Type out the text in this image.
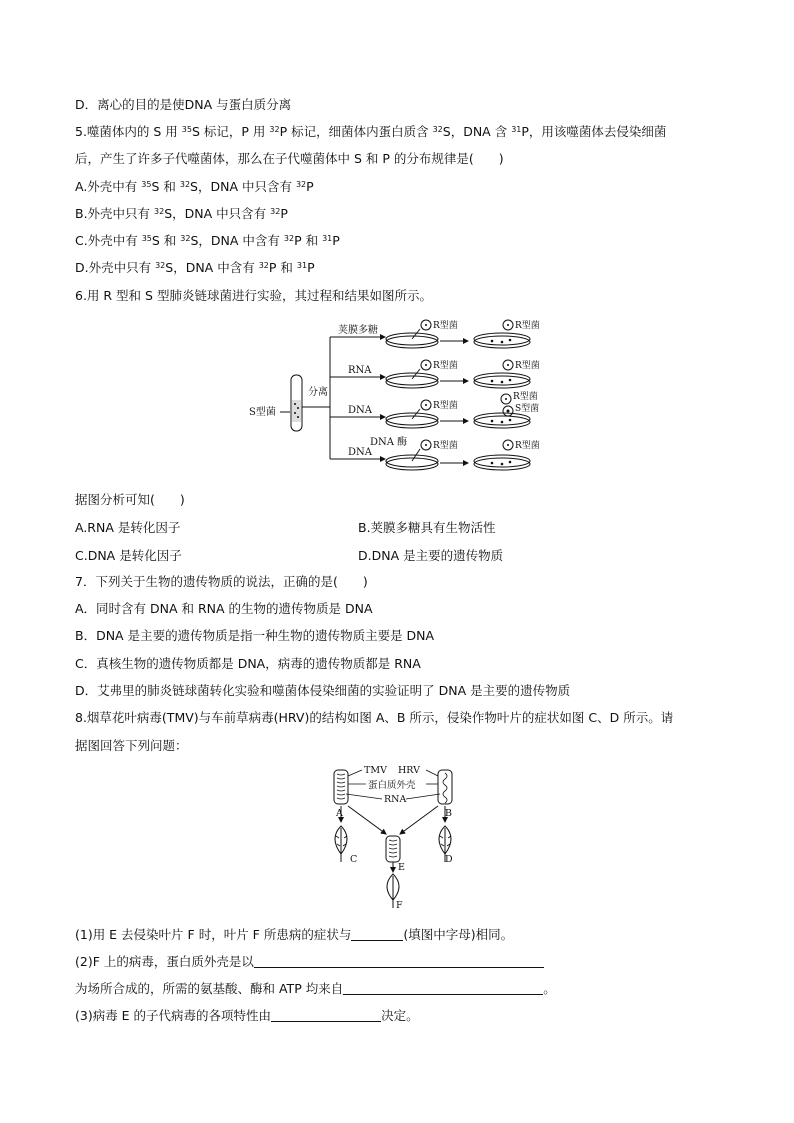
D．离心的目的是使DNA 与蛋白质分离
5.噬菌体内的 S 用 $^{35}$S 标记，P 用 $^{32}$P 标记，细菌体内蛋白质含 $^{32}$S，DNA 含 $^{31}$P，用该噬菌体去侵染细菌
后，产生了许多子代噬菌体，那么在子代噬菌体中 S 和 P 的分布规律是(　　)
A.外壳中有 $^{35}$S 和 $^{32}$S，DNA 中只含有 $^{32}$P
B.外壳中只有 $^{32}$S，DNA 中只含有 $^{32}$P
C.外壳中有 $^{35}$S 和 $^{32}$S，DNA 中含有 $^{32}$P 和 $^{31}$P
D.外壳中只有 $^{32}$S，DNA 中含有 $^{32}$P 和 $^{31}$P
6.用 R 型和 S 型肺炎链球菌进行实验，其过程和结果如图所示。
S型菌
分离
荚膜多糖
RNA
DNA
DNA
DNA 酶
R型菌
R型菌
R型菌
R型菌
R型菌
R型菌
R型菌
S型菌
R型菌
据图分析可知(　　)
A.RNA 是转化因子	B.荚膜多糖具有生物活性
C.DNA 是转化因子	D.DNA 是主要的遗传物质
7．下列关于生物的遗传物质的说法，正确的是(　　)
A．同时含有 DNA 和 RNA 的生物的遗传物质是 DNA
B．DNA 是主要的遗传物质是指一种生物的遗传物质主要是 DNA
C．真核生物的遗传物质都是 DNA，病毒的遗传物质都是 RNA
D．艾弗里的肺炎链球菌转化实验和噬菌体侵染细菌的实验证明了 DNA 是主要的遗传物质
8.烟草花叶病毒(TMV)与车前草病毒(HRV)的结构如图 A、B 所示，侵染作物叶片的症状如图 C、D 所示。请
据图回答下列问题：
TMV HRV
蛋白质外壳
RNA
A	B
C	D
E
F
(1)用 E 去侵染叶片 F 时，叶片 F 所患病的症状与	(填图中字母)相同。
(2)F 上的病毒，蛋白质外壳是以
为场所合成的，所需的氨基酸、酶和 ATP 均来自	。
(3)病毒 E 的子代病毒的各项特性由	决定。
